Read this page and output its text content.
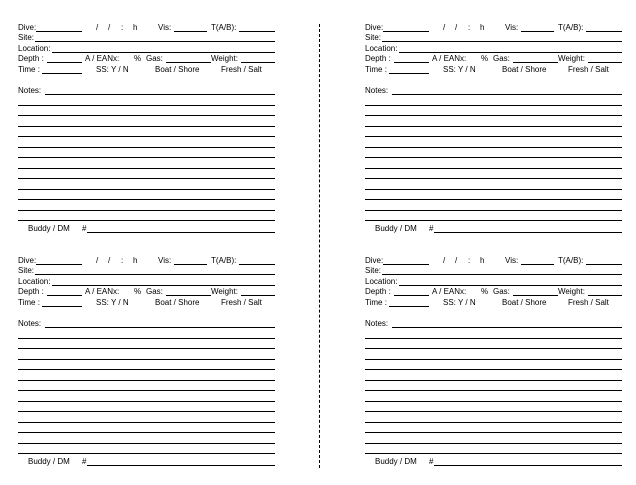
Dive:	/ / : h	Vis:	T(A/B):
Site:
Location:
Depth :	A / EANx: % Gas:	Weight:
Time :	SS: Y / N	Boat / Shore	Fresh / Salt
Notes:
Buddy / DM #
Dive:	/ / : h	Vis:	T(A/B):
Site:
Location:
Depth :	A / EANx: % Gas:	Weight:
Time :	SS: Y / N	Boat / Shore	Fresh / Salt
Notes:
Buddy / DM #
Dive:	/ / : h	Vis:	T(A/B):
Site:
Location:
Depth :	A / EANx: % Gas:	Weight:
Time :	SS: Y / N	Boat / Shore	Fresh / Salt
Notes:
Buddy / DM #
Dive:	/ / : h	Vis:	T(A/B):
Site:
Location:
Depth :	A / EANx: % Gas:	Weight:
Time :	SS: Y / N	Boat / Shore	Fresh / Salt
Notes:
Buddy / DM #
